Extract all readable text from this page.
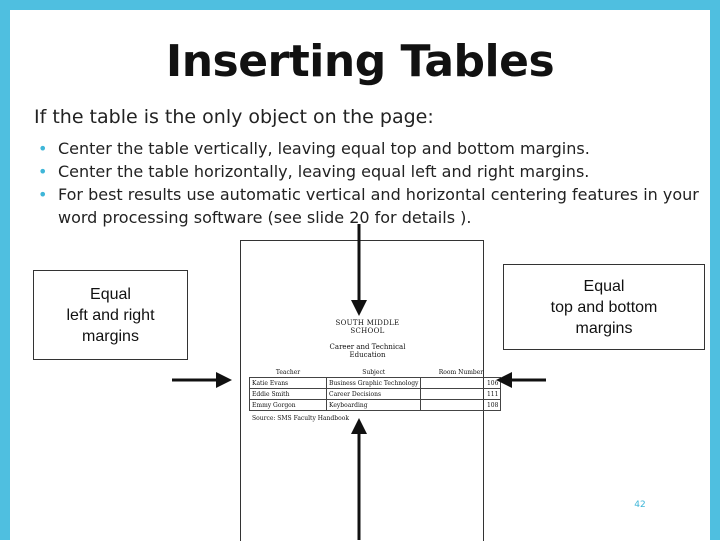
Inserting Tables
If the table is the only object on the page:
• Center the table vertically, leaving equal top and bottom margins.
• Center the table horizontally, leaving equal left and right margins.
• For best results use automatic vertical and horizontal centering features in your word processing software (see slide 20 for details ).
Equal
left and right
margins
Equal
top and bottom
margins
SOUTH MIDDLE SCHOOL
Career and Technical Education
Teacher	Subject	Room Number
Katie Evans	Business Graphic Technology	106
Eddie Smith	Career Decisions	111
Emmy Gorgon	Keyboarding	108
Source: SMS Faculty Handbook
42
